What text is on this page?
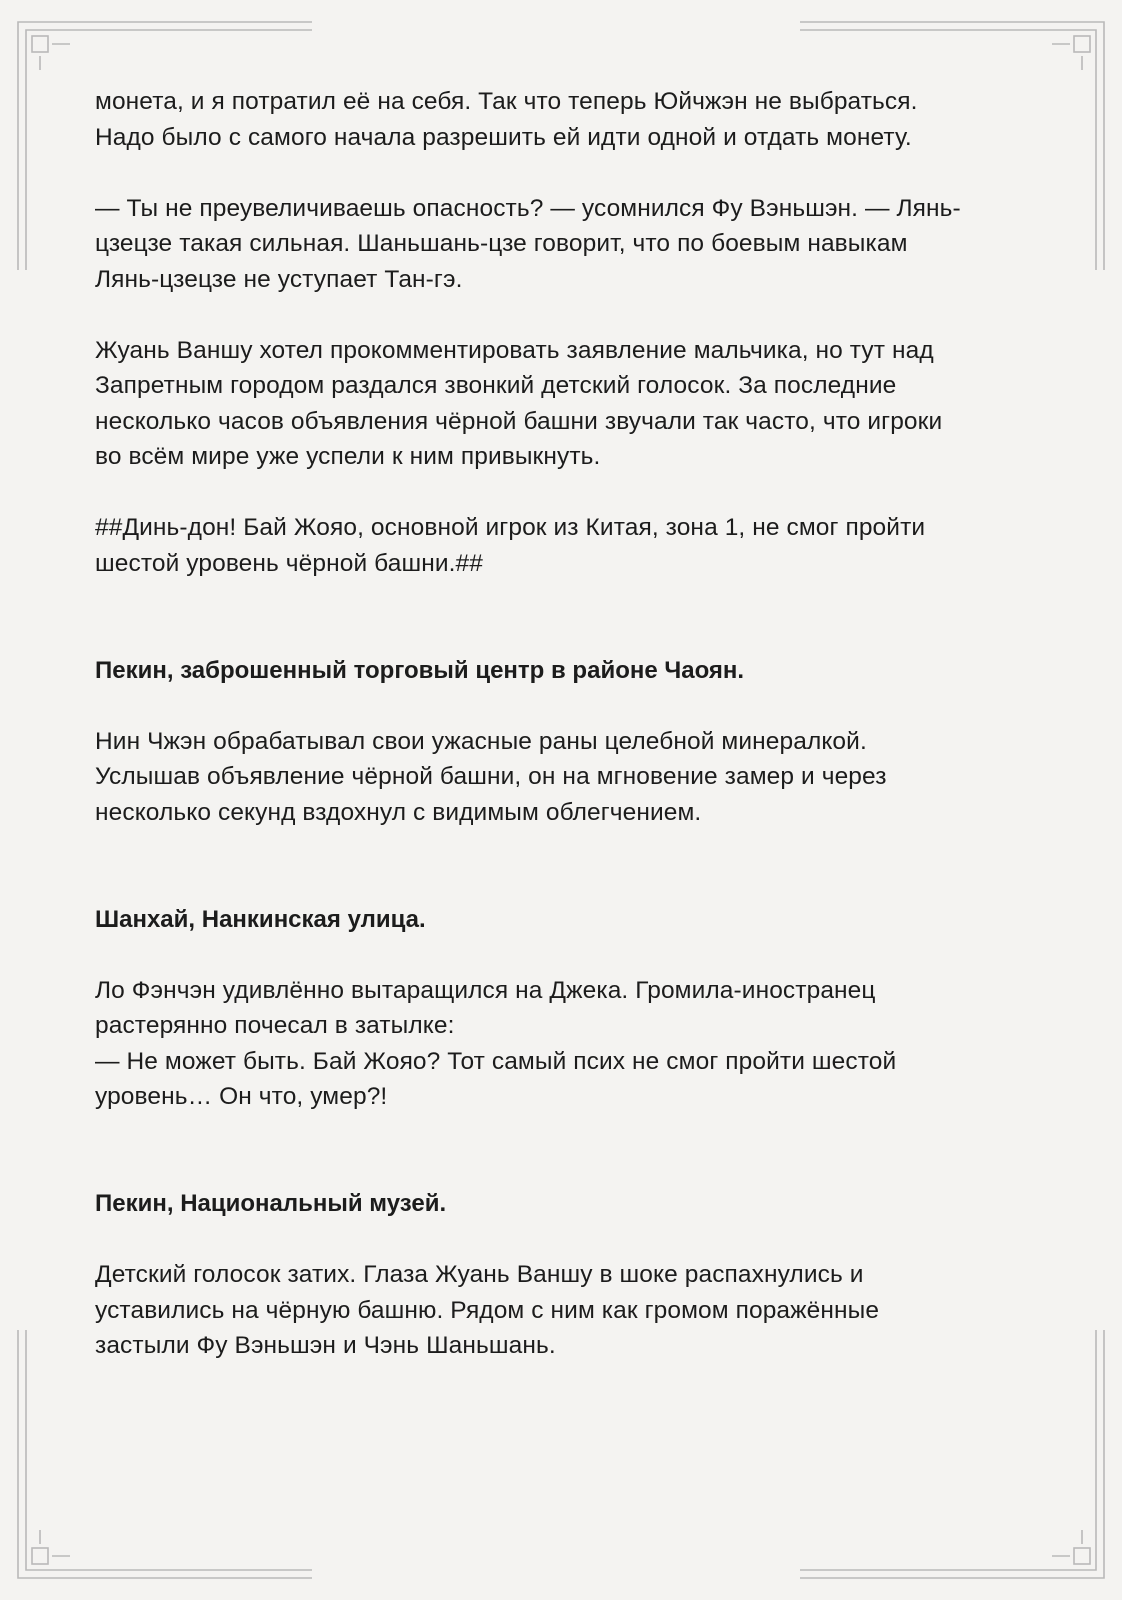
монета, и я потратил её на себя. Так что теперь Юйчжэн не выбраться.
Надо было с самого начала разрешить ей идти одной и отдать монету.

— Ты не преувеличиваешь опасность? — усомнился Фу Вэньшэн. — Лянь-
цзецзе такая сильная. Шаньшань-цзе говорит, что по боевым навыкам
Лянь-цзецзе не уступает Тан-гэ.

Жуань Ваншу хотел прокомментировать заявление мальчика, но тут над
Запретным городом раздался звонкий детский голосок. За последние
несколько часов объявления чёрной башни звучали так часто, что игроки
во всём мире уже успели к ним привыкнуть.

##Динь-дон! Бай Жояо, основной игрок из Китая, зона 1, не смог пройти
шестой уровень чёрной башни.##

Пекин, заброшенный торговый центр в районе Чаоян.

Нин Чжэн обрабатывал свои ужасные раны целебной минералкой.
Услышав объявление чёрной башни, он на мгновение замер и через
несколько секунд вздохнул с видимым облегчением.

Шанхай, Нанкинская улица.

Ло Фэнчэн удивлённо вытаращился на Джека. Громила-иностранец
растерянно почесал в затылке:
— Не может быть. Бай Жояо? Тот самый псих не смог пройти шестой
уровень… Он что, умер?!

Пекин, Национальный музей.

Детский голосок затих. Глаза Жуань Ваншу в шоке распахнулись и
уставились на чёрную башню. Рядом с ним как громом поражённые
застыли Фу Вэньшэн и Чэнь Шаньшань.
